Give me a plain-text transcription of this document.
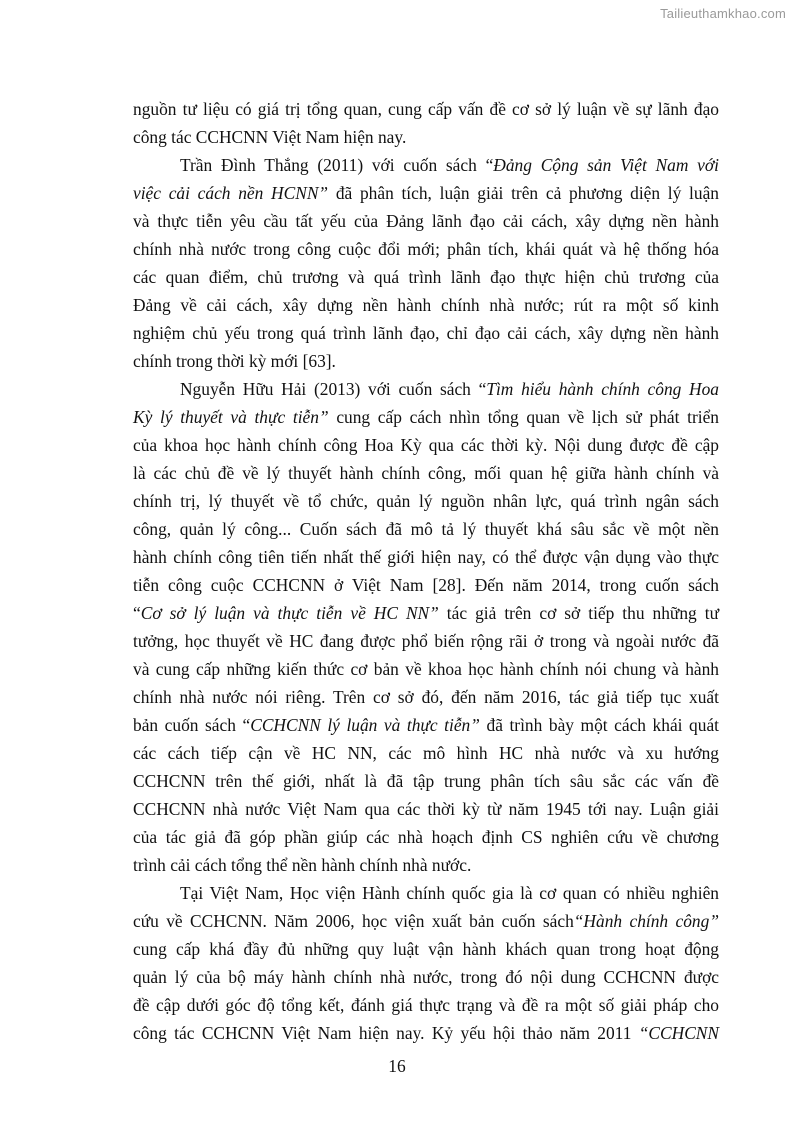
Tailieuthamkhao.com
nguồn tư liệu có giá trị tổng quan, cung cấp vấn đề cơ sở lý luận về sự lãnh đạo
công tác CCHCNN Việt Nam hiện nay.
Trần Đình Thắng (2011) với cuốn sách “Đảng Cộng sản Việt Nam với
việc cải cách nền HCNN” đã phân tích, luận giải trên cả phương diện lý luận
và thực tiễn yêu cầu tất yếu của Đảng lãnh đạo cải cách, xây dựng nền hành
chính nhà nước trong công cuộc đổi mới; phân tích, khái quát và hệ thống hóa
các quan điểm, chủ trương và quá trình lãnh đạo thực hiện chủ trương của
Đảng về cải cách, xây dựng nền hành chính nhà nước; rút ra một số kinh
nghiệm chủ yếu trong quá trình lãnh đạo, chỉ đạo cải cách, xây dựng nền hành
chính trong thời kỳ mới [63].
Nguyễn Hữu Hải (2013) với cuốn sách “Tìm hiểu hành chính công Hoa
Kỳ lý thuyết và thực tiễn” cung cấp cách nhìn tổng quan về lịch sử phát triển
của khoa học hành chính công Hoa Kỳ qua các thời kỳ. Nội dung được đề cập
là các chủ đề về lý thuyết hành chính công, mối quan hệ giữa hành chính và
chính trị, lý thuyết về tổ chức, quản lý nguồn nhân lực, quá trình ngân sách
công, quản lý công... Cuốn sách đã mô tả lý thuyết khá sâu sắc về một nền
hành chính công tiên tiến nhất thế giới hiện nay, có thể được vận dụng vào thực
tiễn công cuộc CCHCNN ở Việt Nam [28]. Đến năm 2014, trong cuốn sách
“Cơ sở lý luận và thực tiễn về HC NN” tác giả trên cơ sở tiếp thu những tư
tưởng, học thuyết về HC đang được phổ biến rộng rãi ở trong và ngoài nước đã
và cung cấp những kiến thức cơ bản về khoa học hành chính nói chung và hành
chính nhà nước nói riêng. Trên cơ sở đó, đến năm 2016, tác giả tiếp tục xuất
bản cuốn sách “CCHCNN lý luận và thực tiễn” đã trình bày một cách khái quát
các cách tiếp cận về HC NN, các mô hình HC nhà nước và xu hướng
CCHCNN trên thế giới, nhất là đã tập trung phân tích sâu sắc các vấn đề
CCHCNN nhà nước Việt Nam qua các thời kỳ từ năm 1945 tới nay. Luận giải
của tác giả đã góp phần giúp các nhà hoạch định CS nghiên cứu về chương
trình cải cách tổng thể nền hành chính nhà nước.
Tại Việt Nam, Học viện Hành chính quốc gia là cơ quan có nhiều nghiên
cứu về CCHCNN. Năm 2006, học viện xuất bản cuốn sách“Hành chính công”
cung cấp khá đầy đủ những quy luật vận hành khách quan trong hoạt động
quản lý của bộ máy hành chính nhà nước, trong đó nội dung CCHCNN được
đề cập dưới góc độ tổng kết, đánh giá thực trạng và đề ra một số giải pháp cho
công tác CCHCNN Việt Nam hiện nay. Kỷ yếu hội thảo năm 2011 “CCHCNN
16
